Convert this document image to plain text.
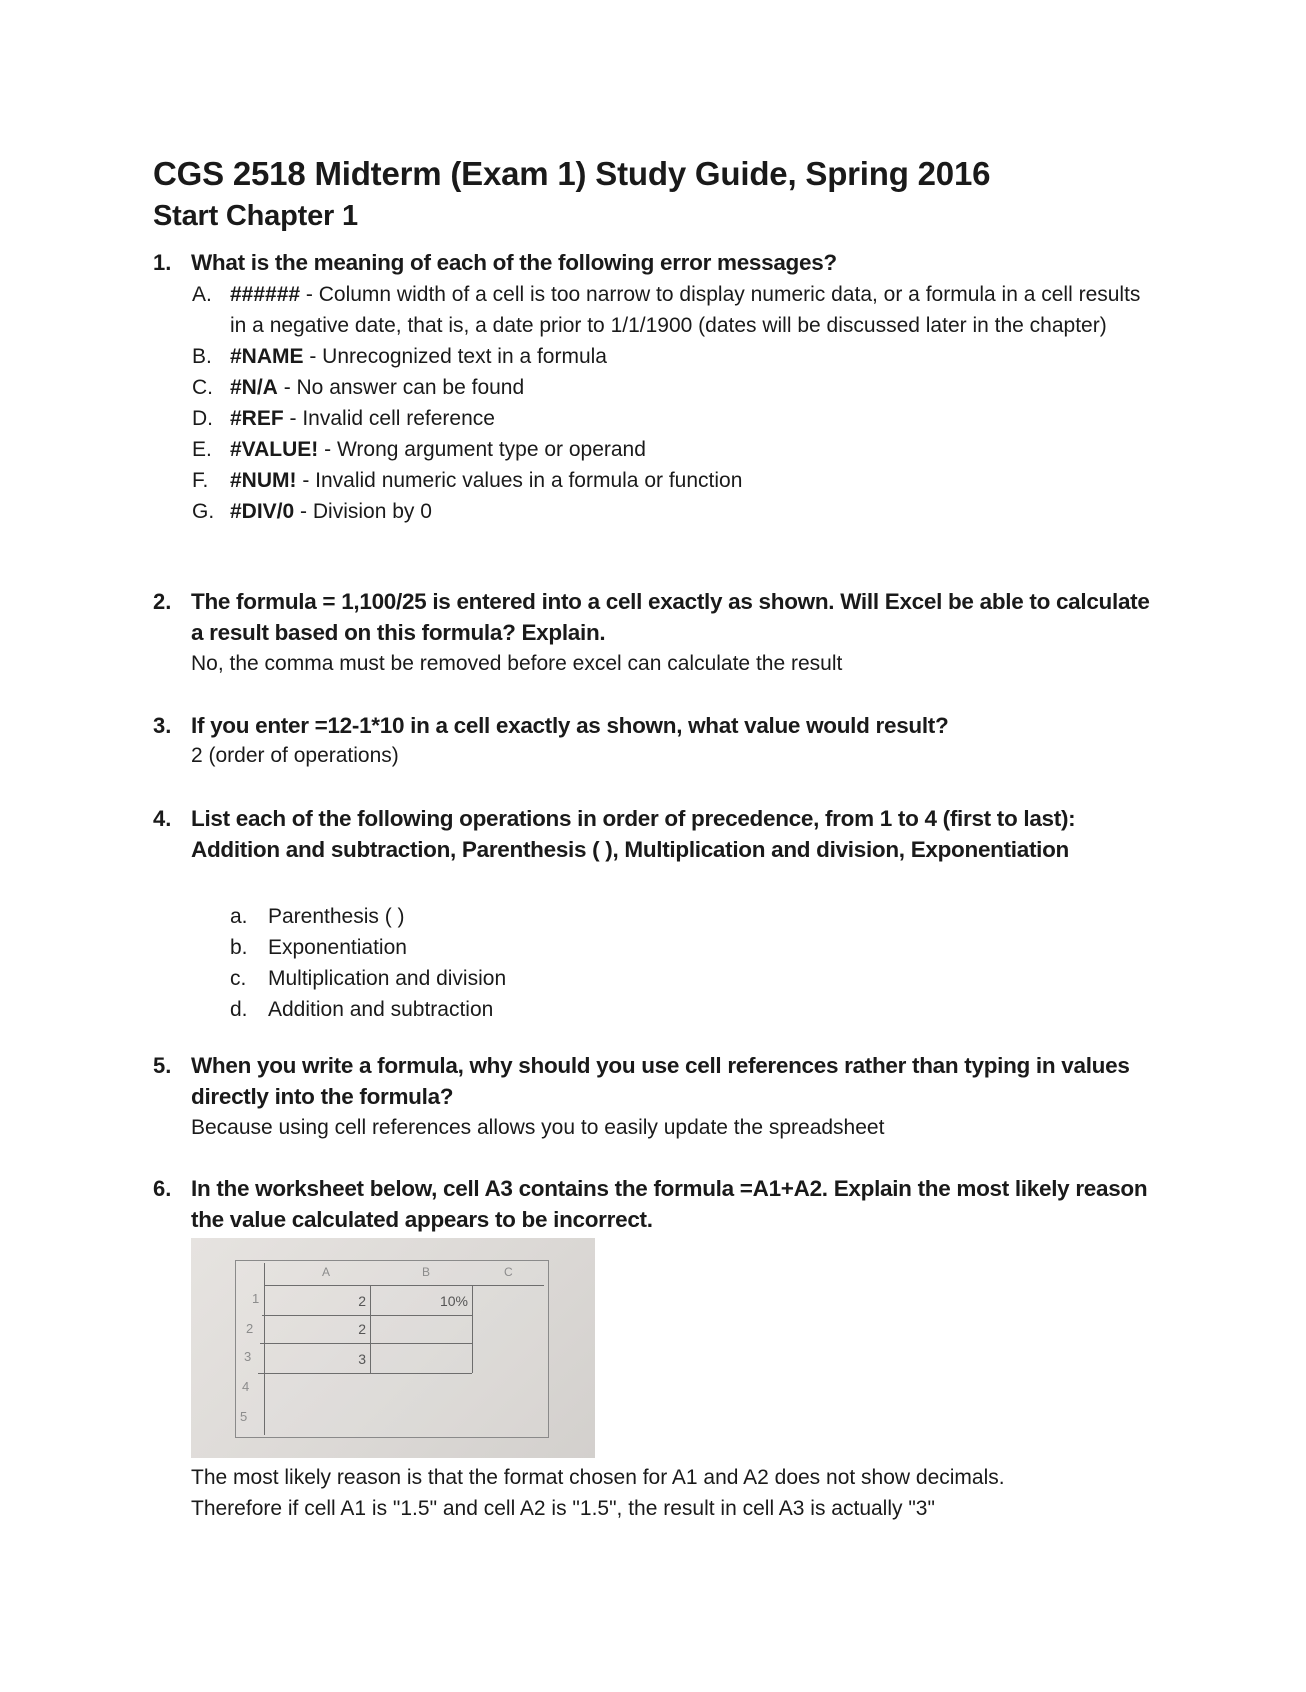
CGS 2518 Midterm (Exam 1) Study Guide, Spring 2016
Start Chapter 1
1. What is the meaning of each of the following error messages?

A. ###### - Column width of a cell is too narrow to display numeric data, or a formula in a cell results in a negative date, that is, a date prior to 1/1/1900 (dates will be discussed later in the chapter)
B. #NAME - Unrecognized text in a formula
C. #N/A - No answer can be found
D. #REF - Invalid cell reference
E. #VALUE! - Wrong argument type or operand
F. #NUM! - Invalid numeric values in a formula or function
G. #DIV/0 - Division by 0
2. The formula = 1,100/25 is entered into a cell exactly as shown. Will Excel be able to calculate a result based on this formula? Explain.

No, the comma must be removed before excel can calculate the result

3. If you enter =12-1*10 in a cell exactly as shown, what value would result?

2 (order of operations)

4. List each of the following operations in order of precedence, from 1 to 4 (first to last): Addition and subtraction, Parenthesis ( ), Multiplication and division, Exponentiation

a. Parenthesis ( )
b. Exponentiation
c. Multiplication and division
d. Addition and subtraction
5. When you write a formula, why should you use cell references rather than typing in values directly into the formula?

Because using cell references allows you to easily update the spreadsheet

6. In the worksheet below, cell A3 contains the formula =A1+A2. Explain the most likely reason the value calculated appears to be incorrect.

The most likely reason is that the format chosen for A1 and A2 does not show decimals.

Therefore if cell A1 is "1.5" and cell A2 is "1.5", the result in cell A3 is actually "3"

A	B	C
1
2
3
4
5
2
2
3
10%
